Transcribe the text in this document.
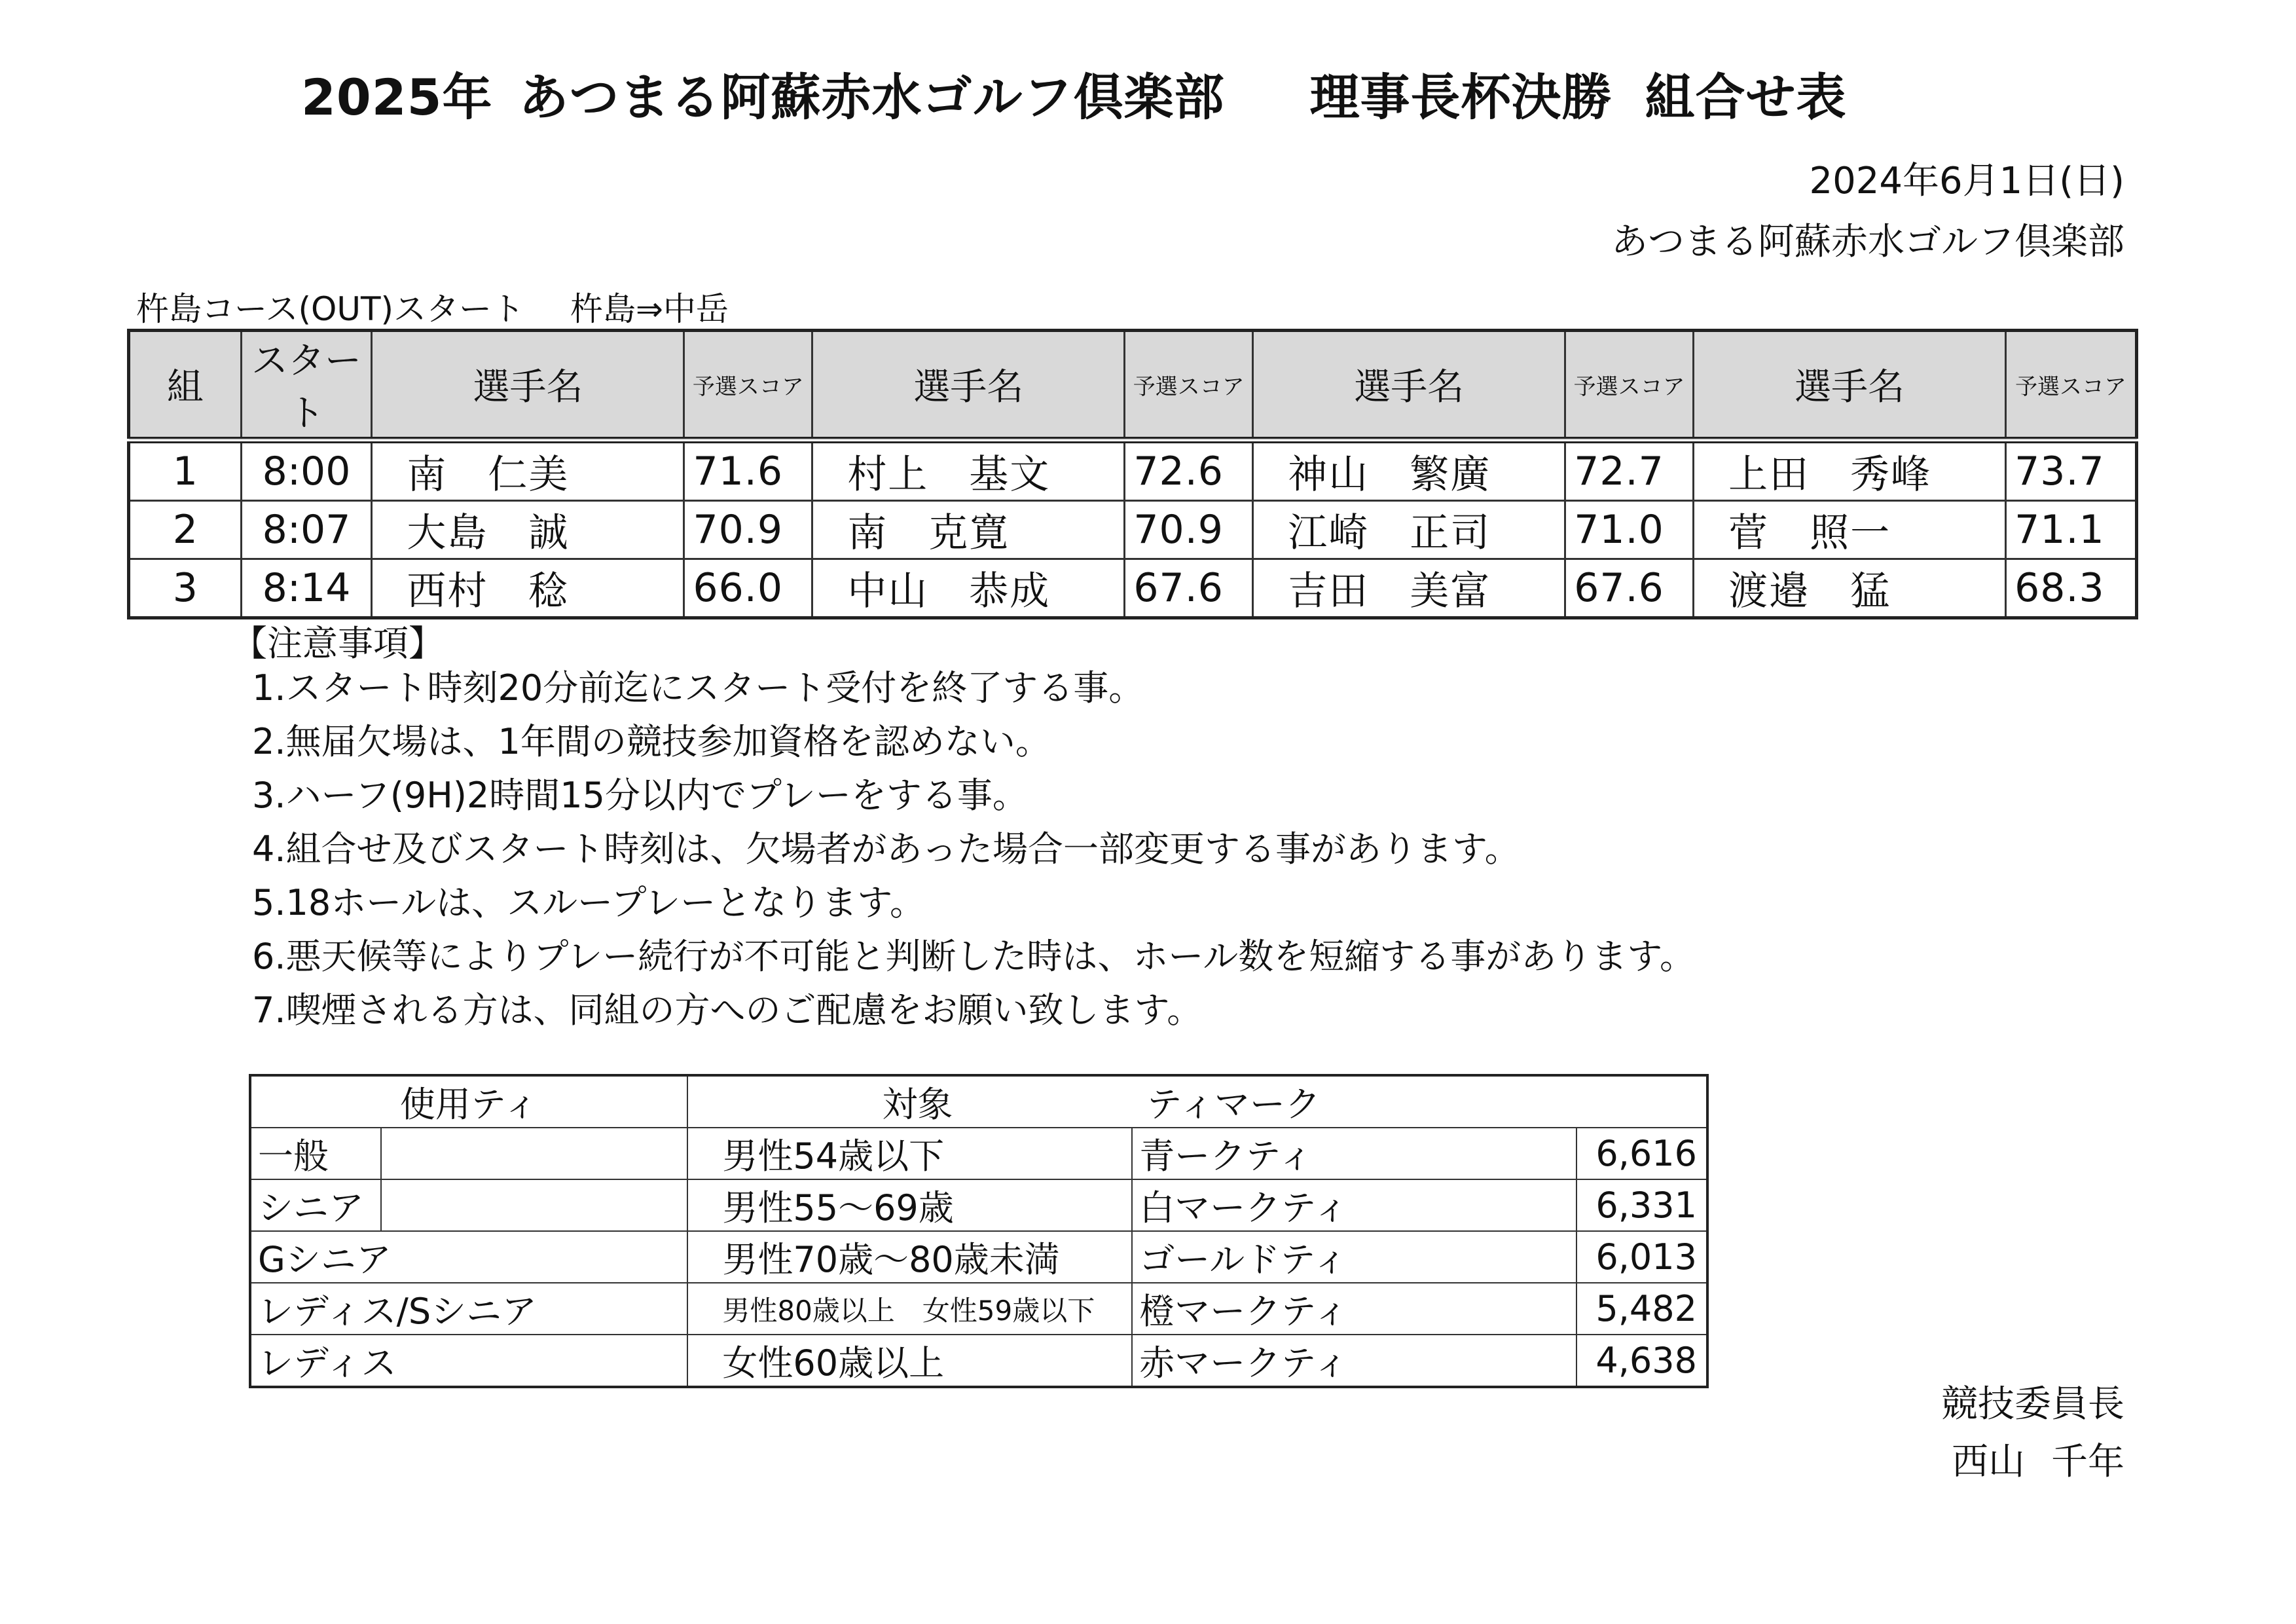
2025年 あつまる阿蘇赤水ゴルフ倶楽部 理事長杯決勝 組合せ表
2024年6月1日(日)
あつまる阿蘇赤水ゴルフ倶楽部
杵島コース(OUT)スタート 杵島⇒中岳
組	スタート	選手名	予選スコア	選手名	予選スコア	選手名	予選スコア	選手名	予選スコア
1	8:00	南　仁美	71.6	村上　基文	72.6	神山　繁廣	72.7	上田　秀峰	73.7
2	8:07	大島　誠	70.9	南　克寛	70.9	江崎　正司	71.0	菅　照一	71.1
3	8:14	西村　稔	66.0	中山　恭成	67.6	吉田　美富	67.6	渡邉　猛	68.3
【注意事項】
1.スタート時刻20分前迄にスタート受付を終了する事。
2.無届欠場は、1年間の競技参加資格を認めない。
3.ハーフ(9H)2時間15分以内でプレーをする事。
4.組合せ及びスタート時刻は、欠場者があった場合一部変更する事があります。
5.18ホールは、スループレーとなります。
6.悪天候等によりプレー続行が不可能と判断した時は、ホール数を短縮する事があります。
7.喫煙される方は、同組の方へのご配慮をお願い致します。
使用ティ		対象 ティマーク		

一般		男性54歳以下	青ークティ	6,616
シニア		男性55～69歳	白マークティ	6,331
Gシニア		男性70歳～80歳未満	ゴールドティ	6,013
レディス/Sシニア		男性80歳以上　女性59歳以下	橙マークティ	5,482
レディス		女性60歳以上	赤マークティ	4,638
競技委員長
西山 千年
